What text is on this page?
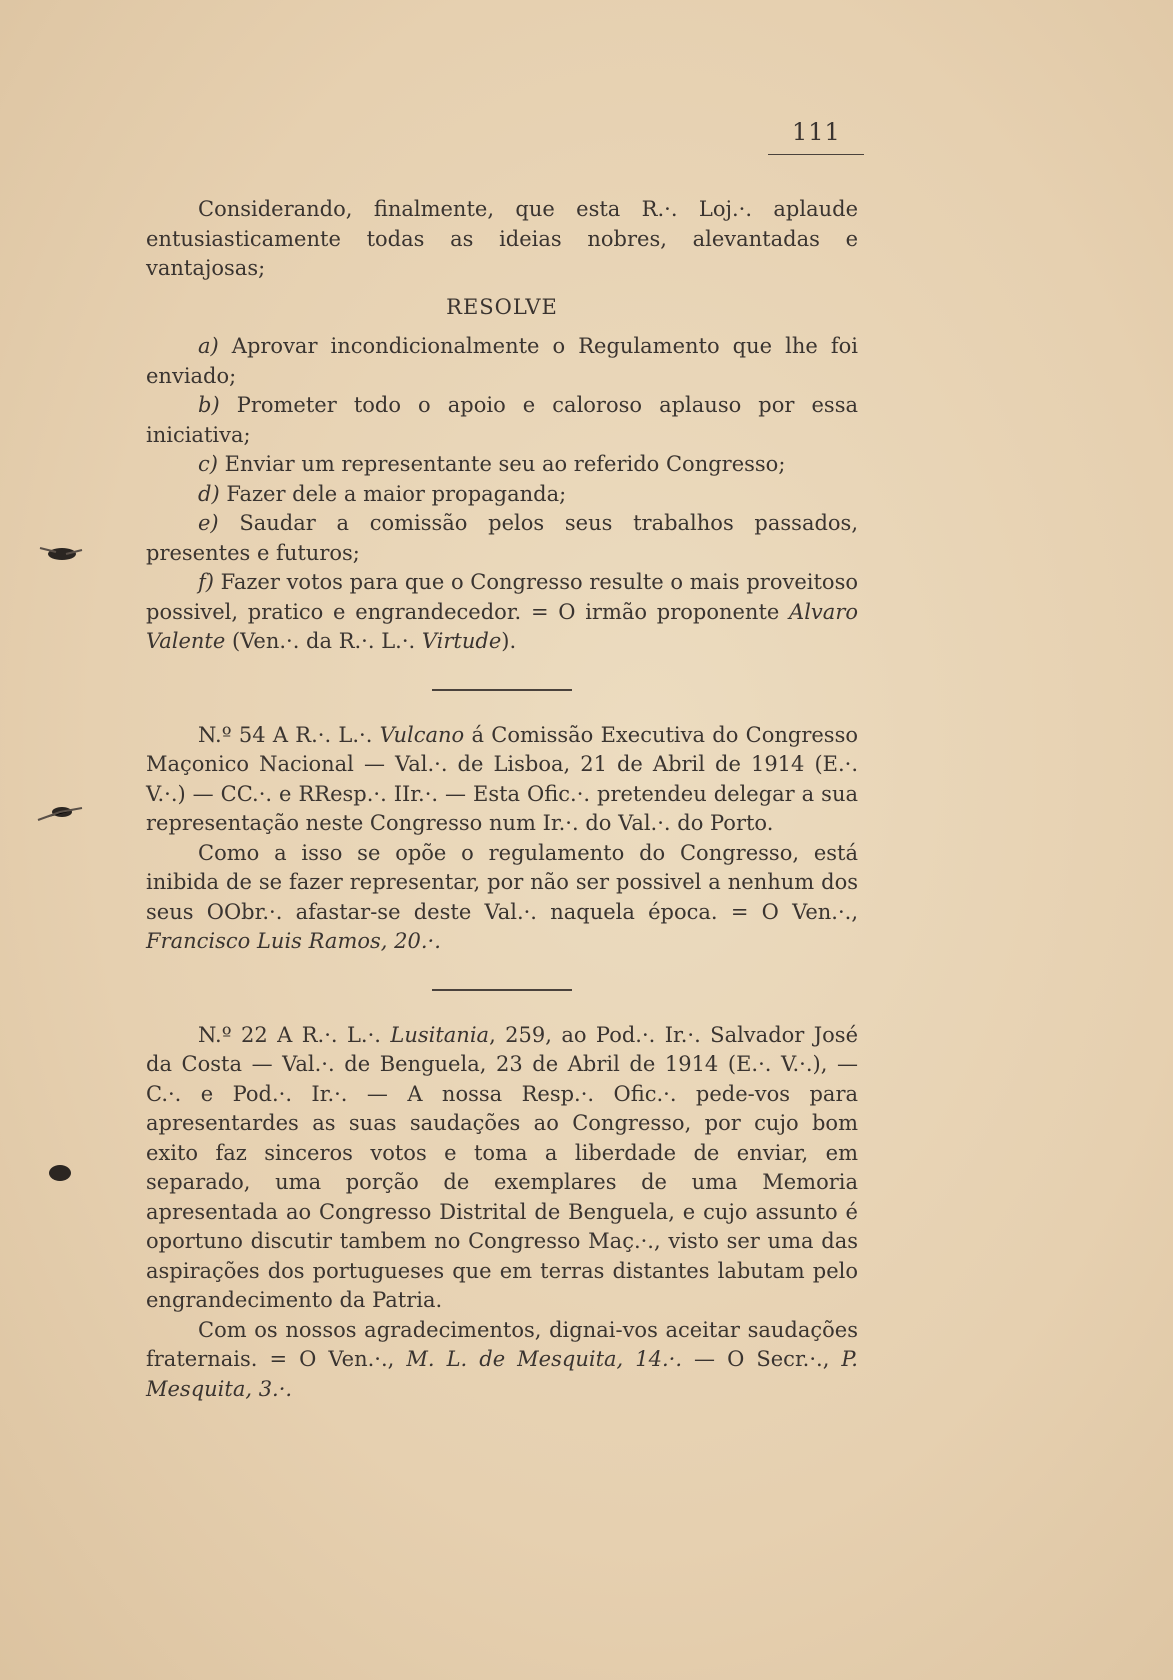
111

Considerando, finalmente, que esta R.·. Loj.·. aplaude entusiasticamente todas as ideias nobres, alevantadas e vantajosas;

RESOLVE

a) Aprovar incondicionalmente o Regulamento que lhe foi enviado;

b) Prometer todo o apoio e caloroso aplauso por essa iniciativa;

c) Enviar um representante seu ao referido Congresso;

d) Fazer dele a maior propaganda;

e) Saudar a comissão pelos seus trabalhos passados, presentes e futuros;

f) Fazer votos para que o Congresso resulte o mais proveitoso possivel, pratico e engrandecedor. = O irmão proponente Alvaro Valente (Ven.·. da R.·. L.·. Virtude).

N.º 54 A R.·. L.·. Vulcano á Comissão Executiva do Congresso Maçonico Nacional — Val.·. de Lisboa, 21 de Abril de 1914 (E.·. V.·.) — CC.·. e RResp.·. IIr.·. — Esta Ofic.·. pretendeu delegar a sua representação neste Congresso num Ir.·. do Val.·. do Porto.

Como a isso se opõe o regulamento do Congresso, está inibida de se fazer representar, por não ser possivel a nenhum dos seus OObr.·. afastar-se deste Val.·. naquela época. = O Ven.·., Francisco Luis Ramos, 20.·.

N.º 22 A R.·. L.·. Lusitania, 259, ao Pod.·. Ir.·. Salvador José da Costa — Val.·. de Benguela, 23 de Abril de 1914 (E.·. V.·.), — C.·. e Pod.·. Ir.·. — A nossa Resp.·. Ofic.·. pede-vos para apresentardes as suas saudações ao Congresso, por cujo bom exito faz sinceros votos e toma a liberdade de enviar, em separado, uma porção de exemplares de uma Memoria apresentada ao Congresso Distrital de Benguela, e cujo assunto é oportuno discutir tambem no Congresso Maç.·., visto ser uma das aspirações dos portugueses que em terras distantes labutam pelo engrandecimento da Patria.

Com os nossos agradecimentos, dignai-vos aceitar saudações fraternais. = O Ven.·., M. L. de Mesquita, 14.·. — O Secr.·., P. Mesquita, 3.·.
